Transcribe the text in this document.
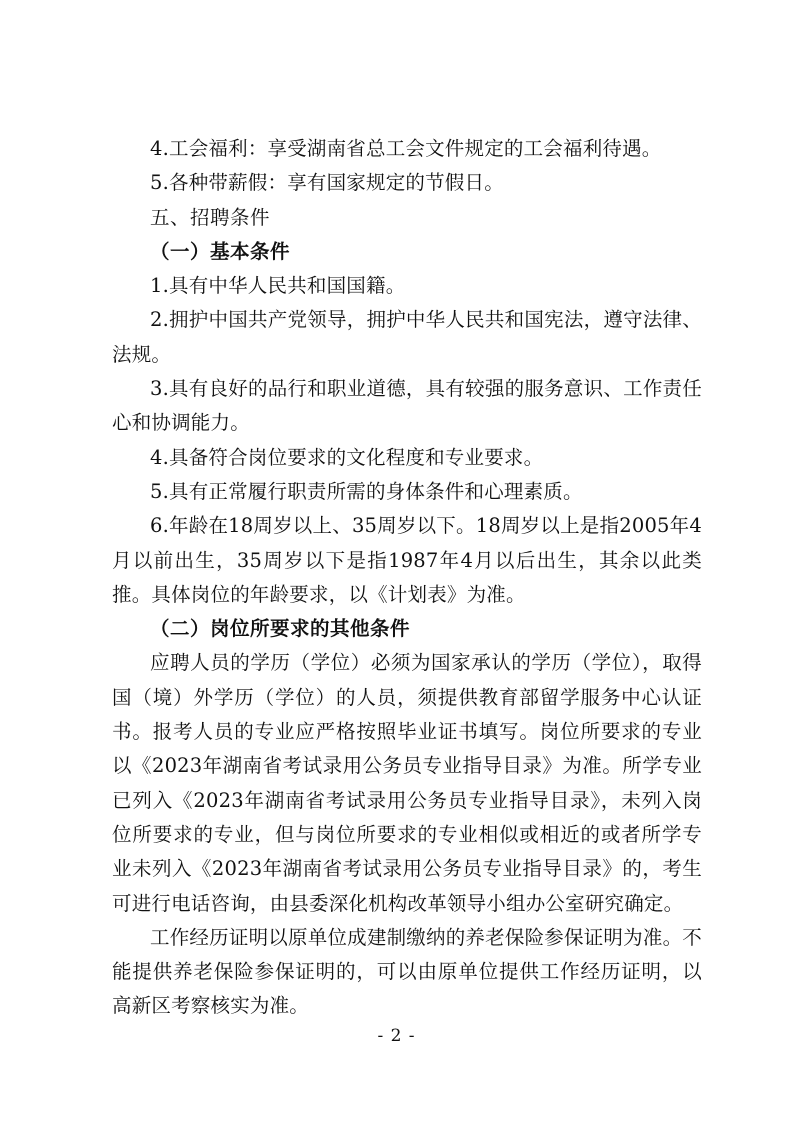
4.工会福利：享受湖南省总工会文件规定的工会福利待遇。

5.各种带薪假：享有国家规定的节假日。

五、招聘条件

（一）基本条件

1.具有中华人民共和国国籍。

2.拥护中国共产党领导，拥护中华人民共和国宪法，遵守法律、法规。

3.具有良好的品行和职业道德，具有较强的服务意识、工作责任心和协调能力。

4.具备符合岗位要求的文化程度和专业要求。

5.具有正常履行职责所需的身体条件和心理素质。

6.年龄在18周岁以上、35周岁以下。18周岁以上是指2005年4月以前出生，35周岁以下是指1987年4月以后出生，其余以此类推。具体岗位的年龄要求，以《计划表》为准。

（二）岗位所要求的其他条件

应聘人员的学历（学位）必须为国家承认的学历（学位），取得国（境）外学历（学位）的人员，须提供教育部留学服务中心认证书。报考人员的专业应严格按照毕业证书填写。岗位所要求的专业以《2023年湖南省考试录用公务员专业指导目录》为准。所学专业已列入《2023年湖南省考试录用公务员专业指导目录》，未列入岗位所要求的专业，但与岗位所要求的专业相似或相近的或者所学专业未列入《2023年湖南省考试录用公务员专业指导目录》的，考生可进行电话咨询，由县委深化机构改革领导小组办公室研究确定。

工作经历证明以原单位成建制缴纳的养老保险参保证明为准。不能提供养老保险参保证明的，可以由原单位提供工作经历证明，以高新区考察核实为准。

- 2 -
